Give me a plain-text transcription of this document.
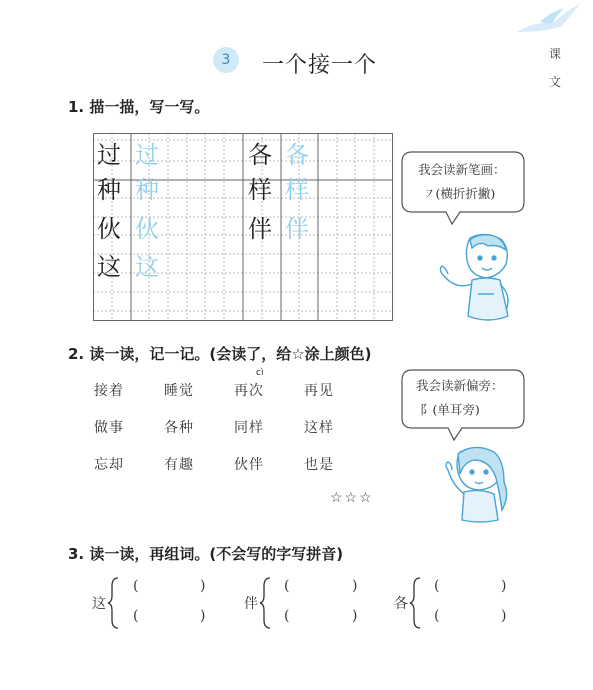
3	一个接一个	课
文
1. 描一描，写一写。
过 过
种 种
伙 伙
这 这
各 各
样 样
伴 伴
我会读新笔画：
㇇(横折折撇)
2. 读一读，记一记。(会读了，给☆涂上颜色)
cì
接着	睡觉	再次	再见
做事	各种	同样	这样
忘却	有趣	伙伴	也是
☆☆☆
我会读新偏旁：
阝(单耳旁)
3. 读一读，再组词。(不会写的字写拼音)
这
(	)
(	)
伴
(	)
(	)
各
(	)
(	)
